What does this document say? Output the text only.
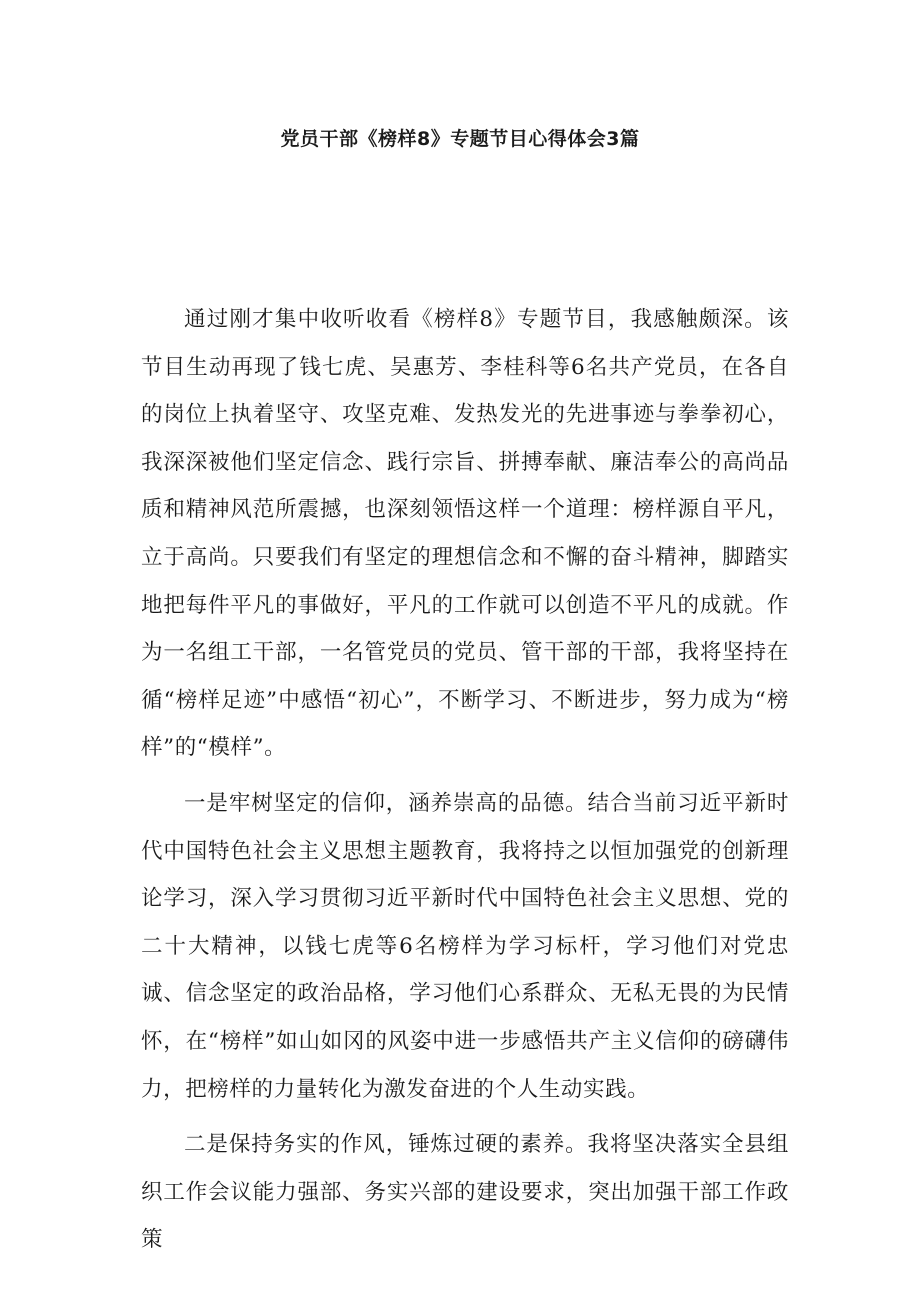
党员干部《榜样8》专题节目心得体会3篇

通过刚才集中收听收看《榜样8》专题节目，我感触颇深。该节目生动再现了钱七虎、吴惠芳、李桂科等6名共产党员，在各自的岗位上执着坚守、攻坚克难、发热发光的先进事迹与拳拳初心，我深深被他们坚定信念、践行宗旨、拼搏奉献、廉洁奉公的高尚品质和精神风范所震撼，也深刻领悟这样一个道理：榜样源自平凡，立于高尚。只要我们有坚定的理想信念和不懈的奋斗精神，脚踏实地把每件平凡的事做好，平凡的工作就可以创造不平凡的成就。作为一名组工干部，一名管党员的党员、管干部的干部，我将坚持在循“榜样足迹”中感悟“初心”，不断学习、不断进步，努力成为“榜样”的“模样”。

一是牢树坚定的信仰，涵养崇高的品德。结合当前习近平新时代中国特色社会主义思想主题教育，我将持之以恒加强党的创新理论学习，深入学习贯彻习近平新时代中国特色社会主义思想、党的二十大精神，以钱七虎等6名榜样为学习标杆，学习他们对党忠诚、信念坚定的政治品格，学习他们心系群众、无私无畏的为民情怀，在“榜样”如山如冈的风姿中进一步感悟共产主义信仰的磅礴伟力，把榜样的力量转化为激发奋进的个人生动实践。

二是保持务实的作风，锤炼过硬的素养。我将坚决落实全县组织工作会议能力强部、务实兴部的建设要求，突出加强干部工作政策
